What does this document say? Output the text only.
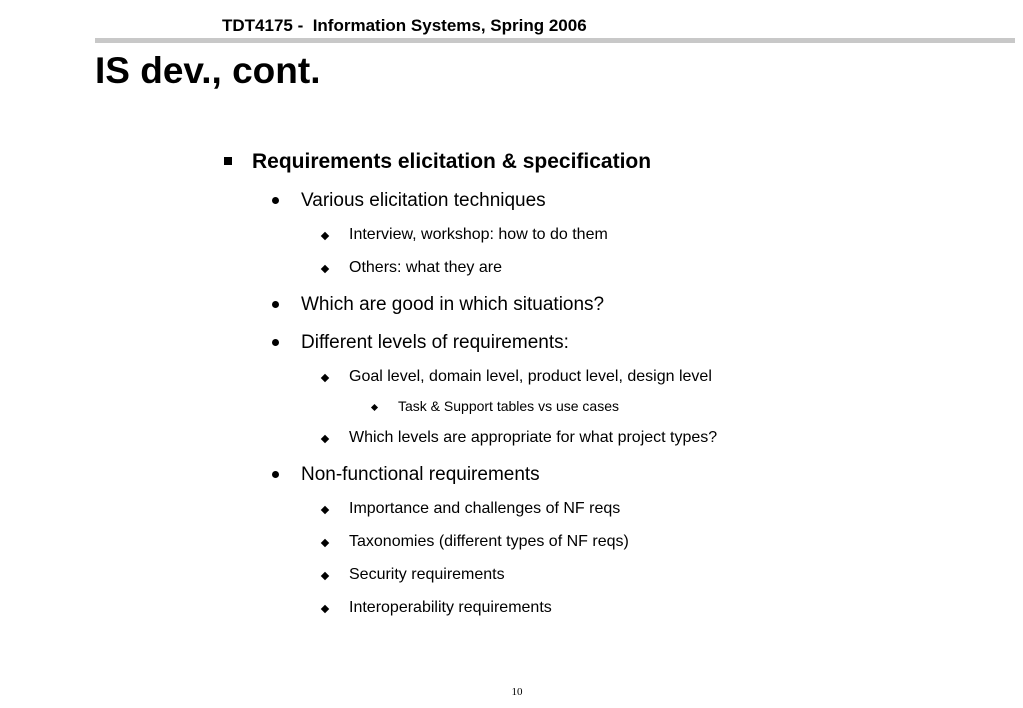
TDT4175 -  Information Systems, Spring 2006
IS dev., cont.
Requirements elicitation & specification
Various elicitation techniques
Interview, workshop: how to do them
Others: what they are
Which are good in which situations?
Different levels of requirements:
Goal level, domain level, product level, design level
Task & Support tables vs use cases
Which levels are appropriate for what project types?
Non-functional requirements
Importance and challenges of NF reqs
Taxonomies (different types of NF reqs)
Security requirements
Interoperability requirements
10
